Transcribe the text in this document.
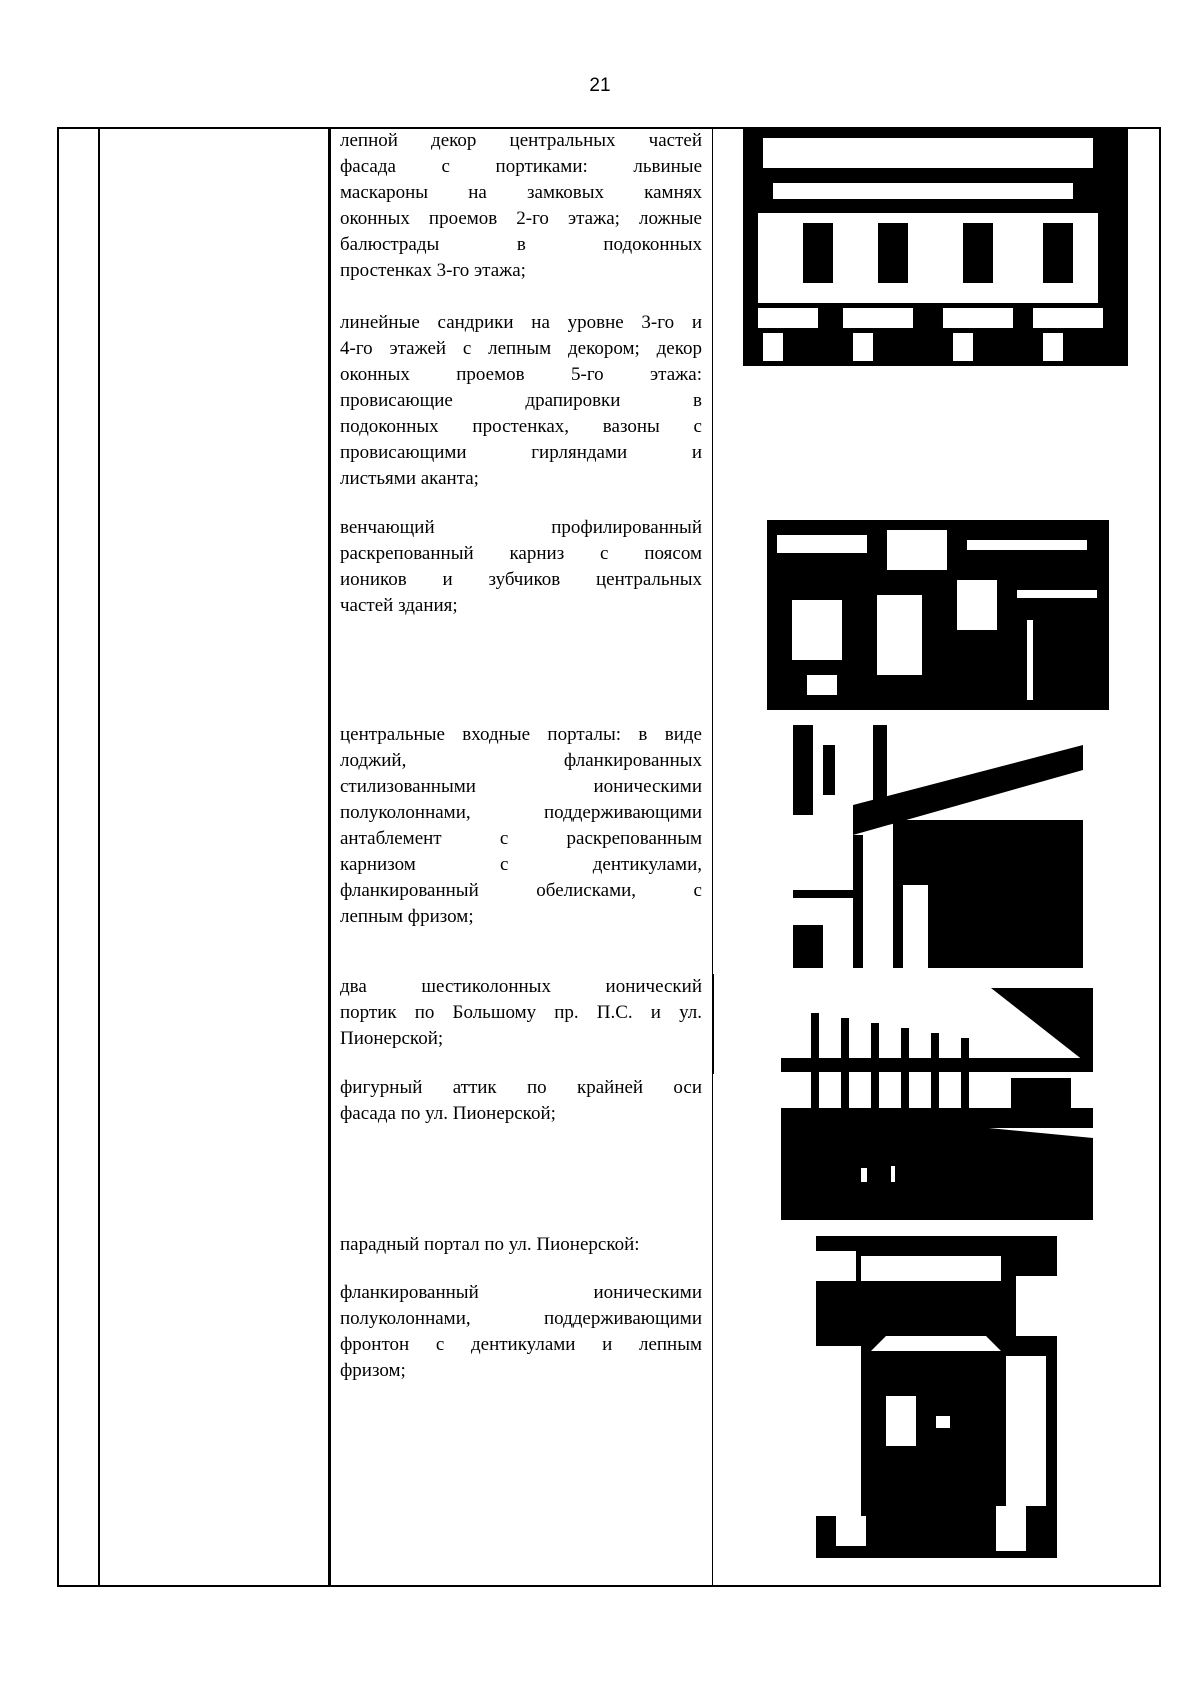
21
лепной декор центральных частей
фасада с портиками: львиные
маскароны на замковых камнях
оконных проемов 2-го этажа; ложные
балюстрады в подоконных
простенках 3-го этажа;
линейные сандрики на уровне 3-го и
4-го этажей с лепным декором; декор
оконных проемов 5-го этажа:
провисающие драпировки в
подоконных простенках, вазоны с
провисающими гирляндами и
листьями аканта;
венчающий профилированный
раскрепованный карниз с поясом
иоников и зубчиков центральных
частей здания;
центральные входные порталы: в виде
лоджий, фланкированных
стилизованными ионическими
полуколоннами, поддерживающими
антаблемент с раскрепованным
карнизом с дентикулами,
фланкированный обелисками, с
лепным фризом;
два шестиколонных ионический
портик по Большому пр. П.С. и ул.
Пионерской;
фигурный аттик по крайней оси
фасада по ул. Пионерской;
парадный портал по ул. Пионерской:
фланкированный ионическими
полуколоннами, поддерживающими
фронтон с дентикулами и лепным
фризом;
